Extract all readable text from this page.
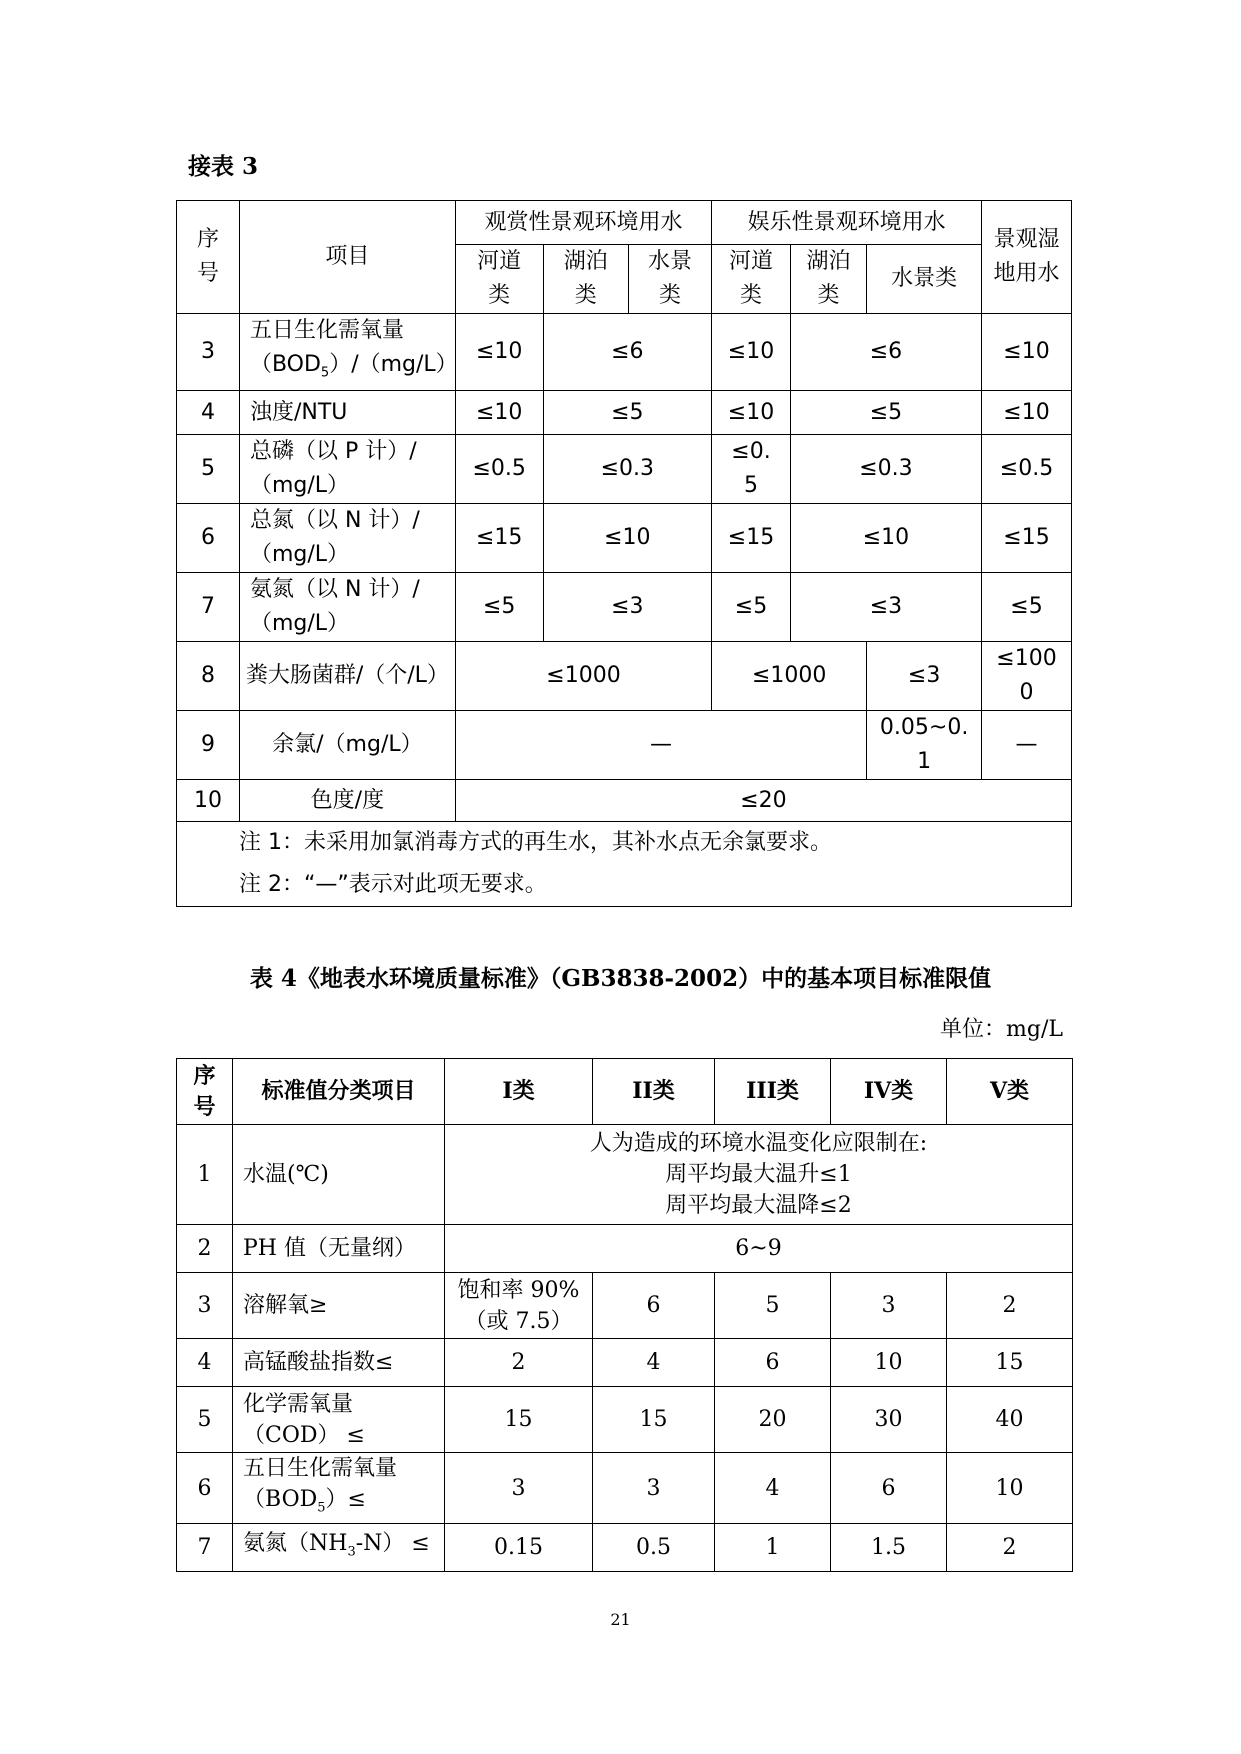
接表 3
序号	项目	观赏性景观环境用水			娱乐性景观环境用水			景观湿地用水
		河道类	湖泊类	水景类	河道类	湖泊类	水景类	
3	五日生化需氧量$(BOD_5)/(mg/L)$	≤10	≤6		≤10	≤6		≤10
4	浊度/NTU	≤10	≤5		≤10	≤5		≤10
5	总磷（以 P 计）/（mg/L）	≤0.5	≤0.3		≤0.5	≤0.3		≤0.5
6	总氮（以 N 计）/（mg/L）	≤15	≤10		≤15	≤10		≤15
7	氨氮（以 N 计）/（mg/L）	≤5	≤3		≤5	≤3		≤5
8	粪大肠菌群/（个/L）	≤1000			≤1000		≤3	≤1000
9	余氯/（mg/L）	—					0.05~0.1	—
10	色度/度	≤20						

注 1：未采用加氯消毒方式的再生水，其补水点无余氯要求。
注 2：“—”表示对此项无要求。								
表 4《地表水环境质量标准》（GB3838-2002）中的基本项目标准限值
单位：mg/L
序号	标准值分类项目	I类	II类	III类	IV类	V类
1	水温(℃)	人为造成的环境水温变化应限制在:
周平均最大温升≤1
周平均最大温降≤2				

2	PH 值（无量纲）	6~9				
3	溶解氧≥	饱和率 90%（或 7.5）	6	5	3	2
4	高锰酸盐指数≤	2	4	6	10	15
5	化学需氧量（COD） ≤	15	15	20	30	40
6	五日生化需氧量$(BOD_5)\le$	3	3	4	6	10
7	氨氮$(NH_3-N)$ ≤	0.15	0.5	1	1.5	2
21
